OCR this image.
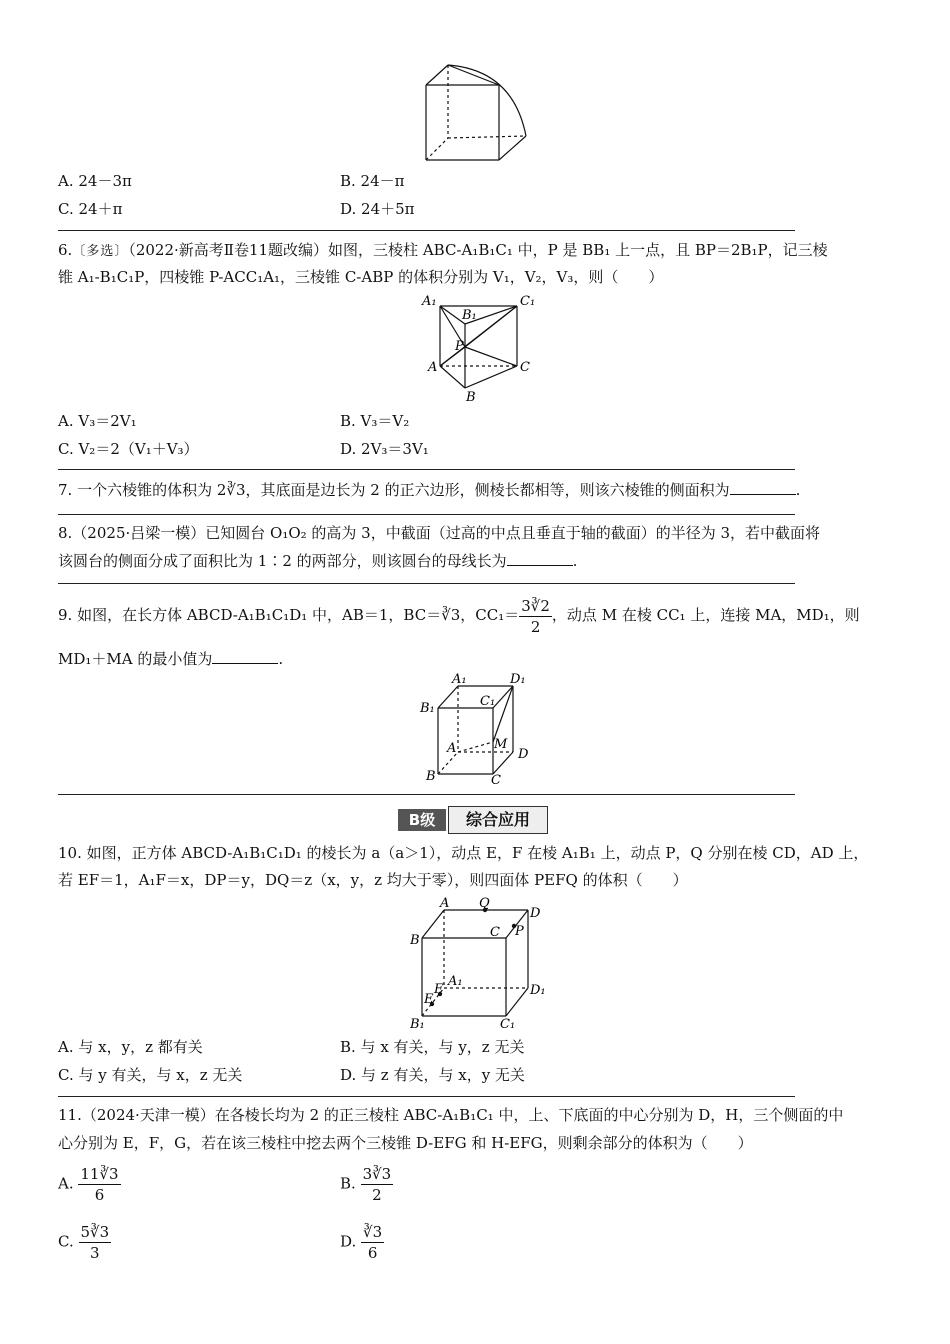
A. 24－3π	B. 24－π
C. 24＋π	D. 24＋5π
6.〔多选〕（2022·新高考Ⅱ卷11题改编）如图，三棱柱 ABC-A₁B₁C₁ 中，P 是 BB₁ 上一点，且 BP＝2B₁P，记三棱
锥 A₁-B₁C₁P，四棱锥 P-ACC₁A₁，三棱锥 C-ABP 的体积分别为 V₁，V₂，V₃，则（　　）
A₁
B₁
C₁
P
A	C
B
A. V₃＝2V₁	B. V₃＝V₂
C. V₂＝2（V₁＋V₃）	D. 2V₃＝3V₁
7. 一个六棱锥的体积为 2∛3，其底面是边长为 2 的正六边形，侧棱长都相等，则该六棱锥的侧面积为	.
8.（2025·吕梁一模）已知圆台 O₁O₂ 的高为 3，中截面（过高的中点且垂直于轴的截面）的半径为 3，若中截面将
该圆台的侧面分成了面积比为 1∶2 的两部分，则该圆台的母线长为	.
9. 如图，在长方体 ABCD-A₁B₁C₁D₁ 中，AB＝1，BC＝∛3，$CC_1= \frac{3∛2}{2}$ ，动点 M 在棱 CC₁ 上，连接 MA，MD₁，则
MD₁＋MA 的最小值为	.
A₁	D₁
B₁	C₁
A	M
D
B	C
B级	综合应用
10. 如图，正方体 ABCD-A₁B₁C₁D₁ 的棱长为 a（a＞1），动点 E，F 在棱 A₁B₁ 上，动点 P，Q 分别在棱 CD，AD 上，
若 EF＝1，A₁F＝x，DP＝y，DQ＝z（x，y，z 均大于零），则四面体 PEFQ 的体积（　　）
A Q
D
B
C P
A₁
F
E
D₁
B₁	C₁
A. 与 x，y，z 都有关	B. 与 x 有关，与 y，z 无关
C. 与 y 有关，与 x，z 无关	D. 与 z 有关，与 x，y 无关
11.（2024·天津一模）在各棱长均为 2 的正三棱柱 ABC-A₁B₁C₁ 中，上、下底面的中心分别为 D，H，三个侧面的中
心分别为 E，F，G，若在该三棱柱中挖去两个三棱锥 D-EFG 和 H-EFG，则剩余部分的体积为（　　）
A. $\frac{11∛3}{6}$	B. $\frac{3∛3}{2}$
C. $\frac{5∛3}{3}$	D. $\frac{∛3}{6}$
